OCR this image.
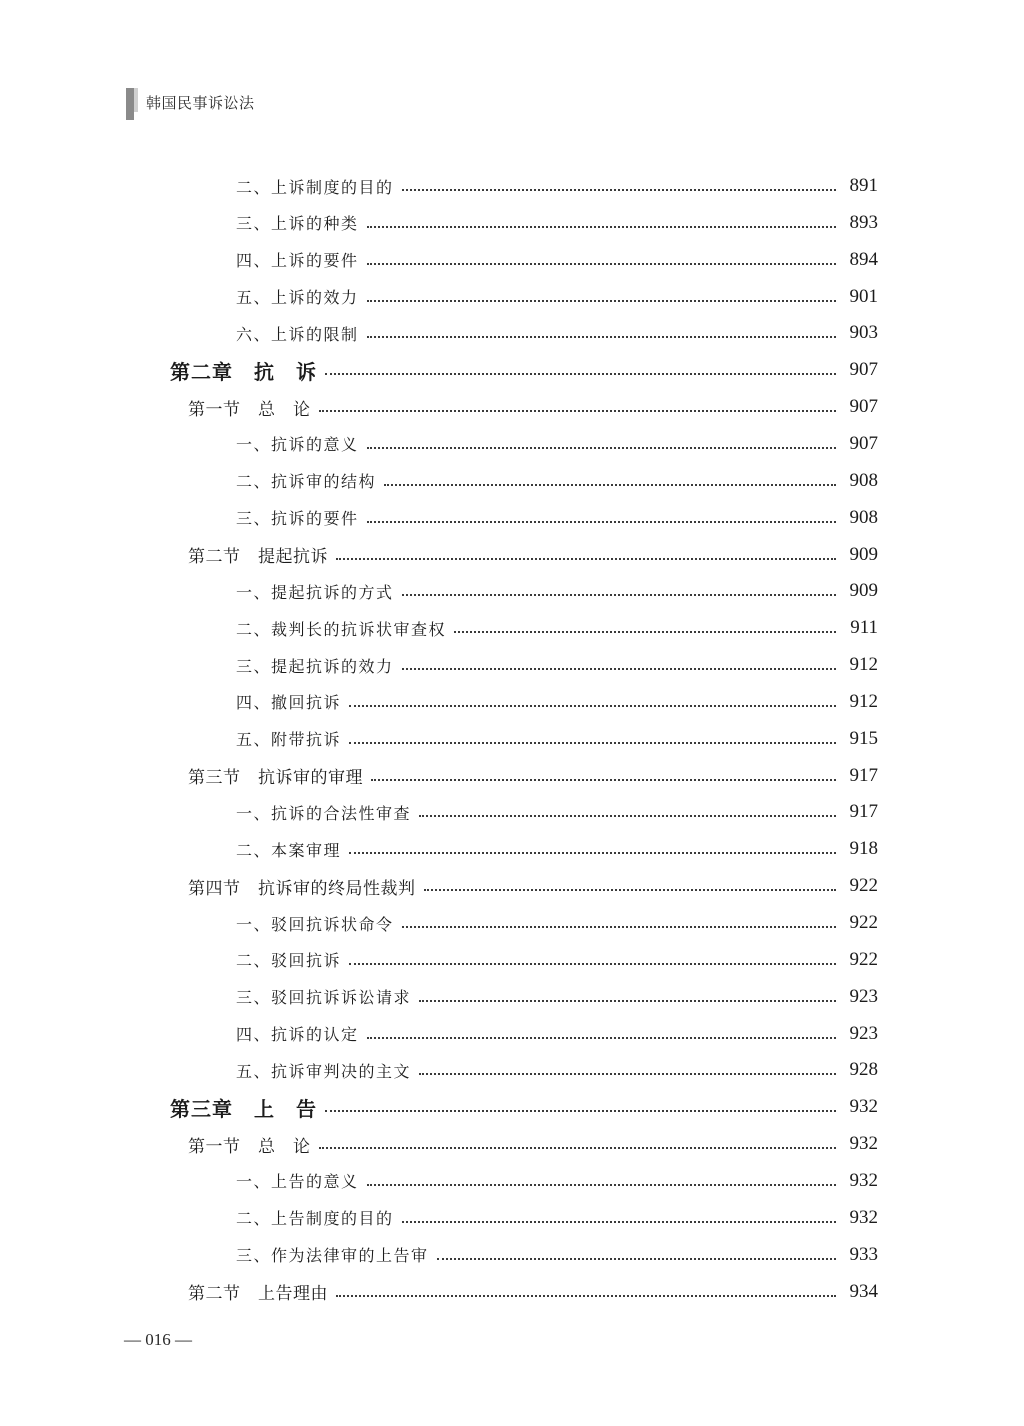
韩国民事诉讼法
二、上诉制度的目的	891
三、上诉的种类	893
四、上诉的要件	894
五、上诉的效力	901
六、上诉的限制	903
第二章　抗　诉	907
第一节　总　论	907
一、抗诉的意义	907
二、抗诉审的结构	908
三、抗诉的要件	908
第二节　提起抗诉	909
一、提起抗诉的方式	909
二、裁判长的抗诉状审查权	911
三、提起抗诉的效力	912
四、撤回抗诉	912
五、附带抗诉	915
第三节　抗诉审的审理	917
一、抗诉的合法性审查	917
二、本案审理	918
第四节　抗诉审的终局性裁判	922
一、驳回抗诉状命令	922
二、驳回抗诉	922
三、驳回抗诉诉讼请求	923
四、抗诉的认定	923
五、抗诉审判决的主文	928
第三章　上　告	932
第一节　总　论	932
一、上告的意义	932
二、上告制度的目的	932
三、作为法律审的上告审	933
第二节　上告理由	934
— 016 —
